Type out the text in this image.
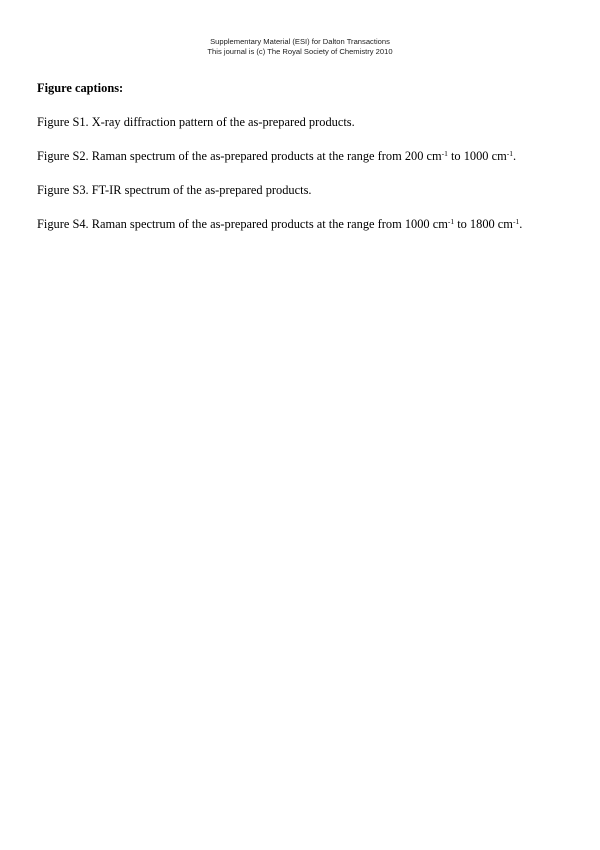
Supplementary Material (ESI) for Dalton Transactions
This journal is (c) The Royal Society of Chemistry 2010

Figure captions:

Figure S1. X-ray diffraction pattern of the as-prepared products.

Figure S2. Raman spectrum of the as-prepared products at the range from 200 $cm^{-1}$ to 1000 $cm^{-1}$.

Figure S3. FT-IR spectrum of the as-prepared products.

Figure S4. Raman spectrum of the as-prepared products at the range from 1000 $cm^{-1}$ to 1800 $cm^{-1}$.
